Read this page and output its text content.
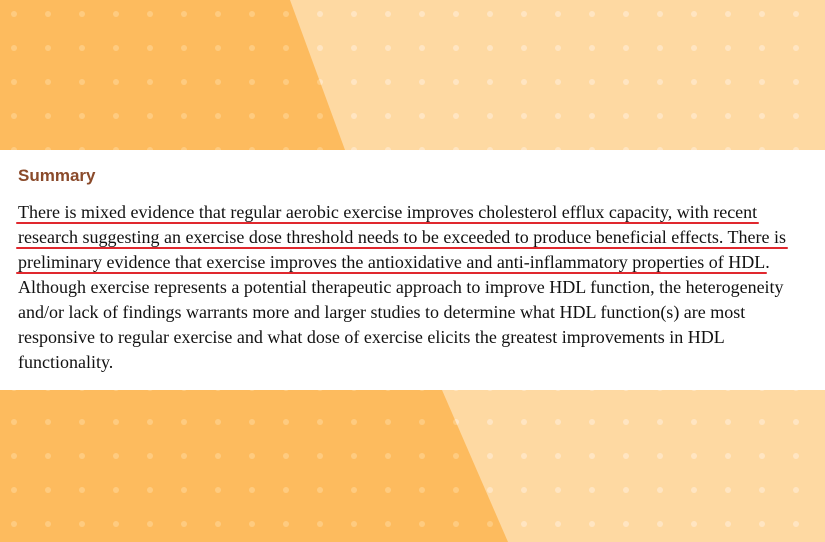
Summary
There is mixed evidence that regular aerobic exercise improves cholesterol efflux capacity, with recent
research suggesting an exercise dose threshold needs to be exceeded to produce beneficial effects. There is
preliminary evidence that exercise improves the antioxidative and anti-inflammatory properties of HDL.
Although exercise represents a potential therapeutic approach to improve HDL function, the heterogeneity
and/or lack of findings warrants more and larger studies to determine what HDL function(s) are most
responsive to regular exercise and what dose of exercise elicits the greatest improvements in HDL
functionality.
